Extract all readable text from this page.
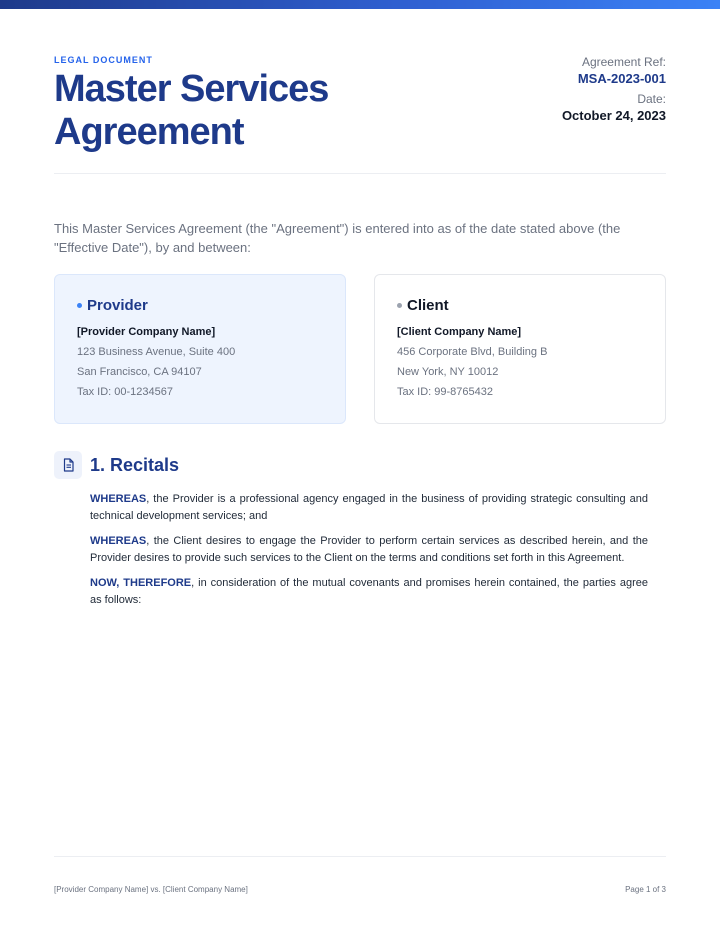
LEGAL DOCUMENT
Master Services Agreement
Agreement Ref:
MSA-2023-001
Date:
October 24, 2023

This Master Services Agreement (the "Agreement") is entered into as of the date stated above (the "Effective Date"), by and between:

Provider
[Provider Company Name]
123 Business Avenue, Suite 400
San Francisco, CA 94107
Tax ID: 00-1234567
Client
[Client Company Name]
456 Corporate Blvd, Building B
New York, NY 10012
Tax ID: 99-8765432
1. Recitals

WHEREAS, the Provider is a professional agency engaged in the business of providing strategic consulting and technical development services; and

WHEREAS, the Client desires to engage the Provider to perform certain services as described herein, and the Provider desires to provide such services to the Client on the terms and conditions set forth in this Agreement.

NOW, THEREFORE, in consideration of the mutual covenants and promises herein contained, the parties agree as follows:

[Provider Company Name] vs. [Client Company Name]	Page 1 of 3
